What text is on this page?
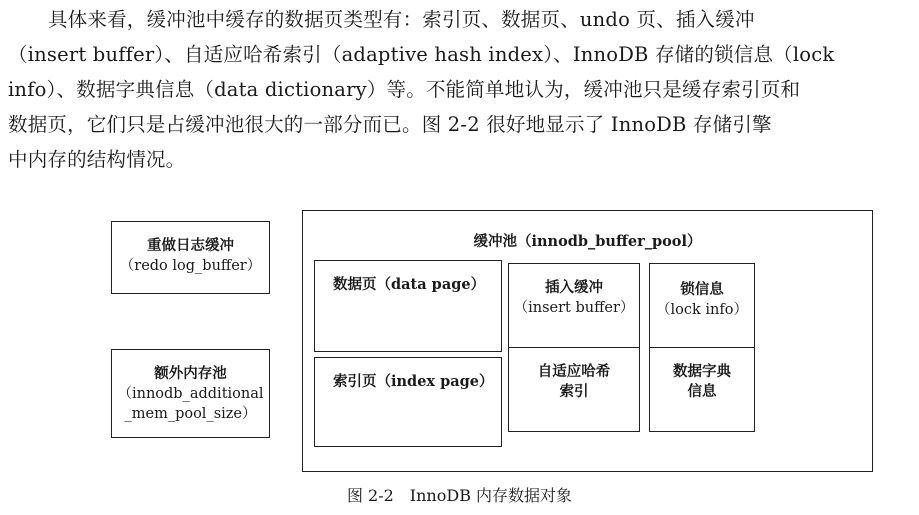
具体来看，缓冲池中缓存的数据页类型有：索引页、数据页、undo 页、插入缓冲
（insert buffer）、自适应哈希索引（adaptive hash index）、InnoDB 存储的锁信息（lock
info）、数据字典信息（data dictionary）等。不能简单地认为，缓冲池只是缓存索引页和
数据页，它们只是占缓冲池很大的一部分而已。图 2-2 很好地显示了 InnoDB 存储引擎
中内存的结构情况。
重做日志缓冲
（redo log_buffer）
额外内存池
（innodb_additional
_mem_pool_size）
缓冲池（innodb_buffer_pool）
数据页（data page）
索引页（index page）
插入缓冲
（insert buffer）
锁信息
（lock info）
自适应哈希
索引
数据字典
信息
图 2-2　InnoDB 内存数据对象
